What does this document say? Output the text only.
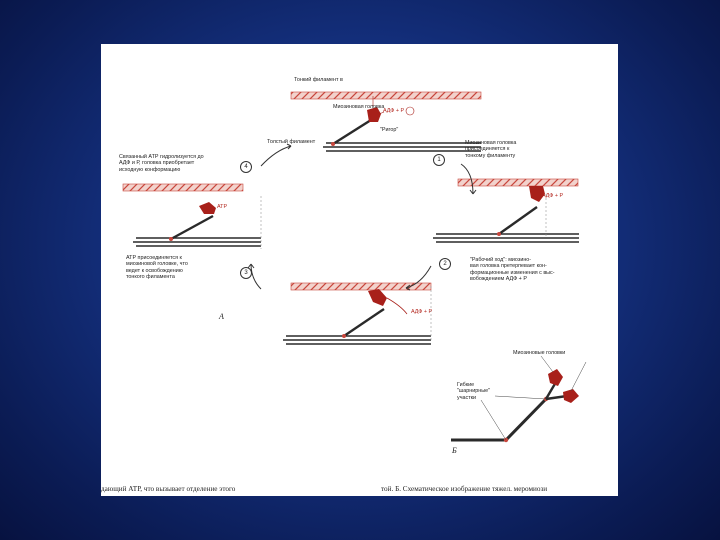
Тонкий филамент в
Миозиновая головка
АДФ + Р
"Ригор"
Толстый филамент
Связанный АТР гидролизуется до
АДФ и Р, головка приобретает
исходную конформацию
АТР
АТР присоединяется к
миозиновой головке, что
ведет к освобождению
тонкого филамента
Миозиновая головка
присоединяется к
тонкому филаменту
АДФ + Р
"Рабочий ход": миозино-
вая головка претерпевает кон-
формационные изменения с выс-
вобождением АДФ + Р
АДФ + Р
Миозиновые головки
Гибкие
"шарнирные"
участки
1
2
3
4
А
Б
дающий АТР, что вызывает отделение этого	той. Б. Схематическое изображение тяжел. меромиози
